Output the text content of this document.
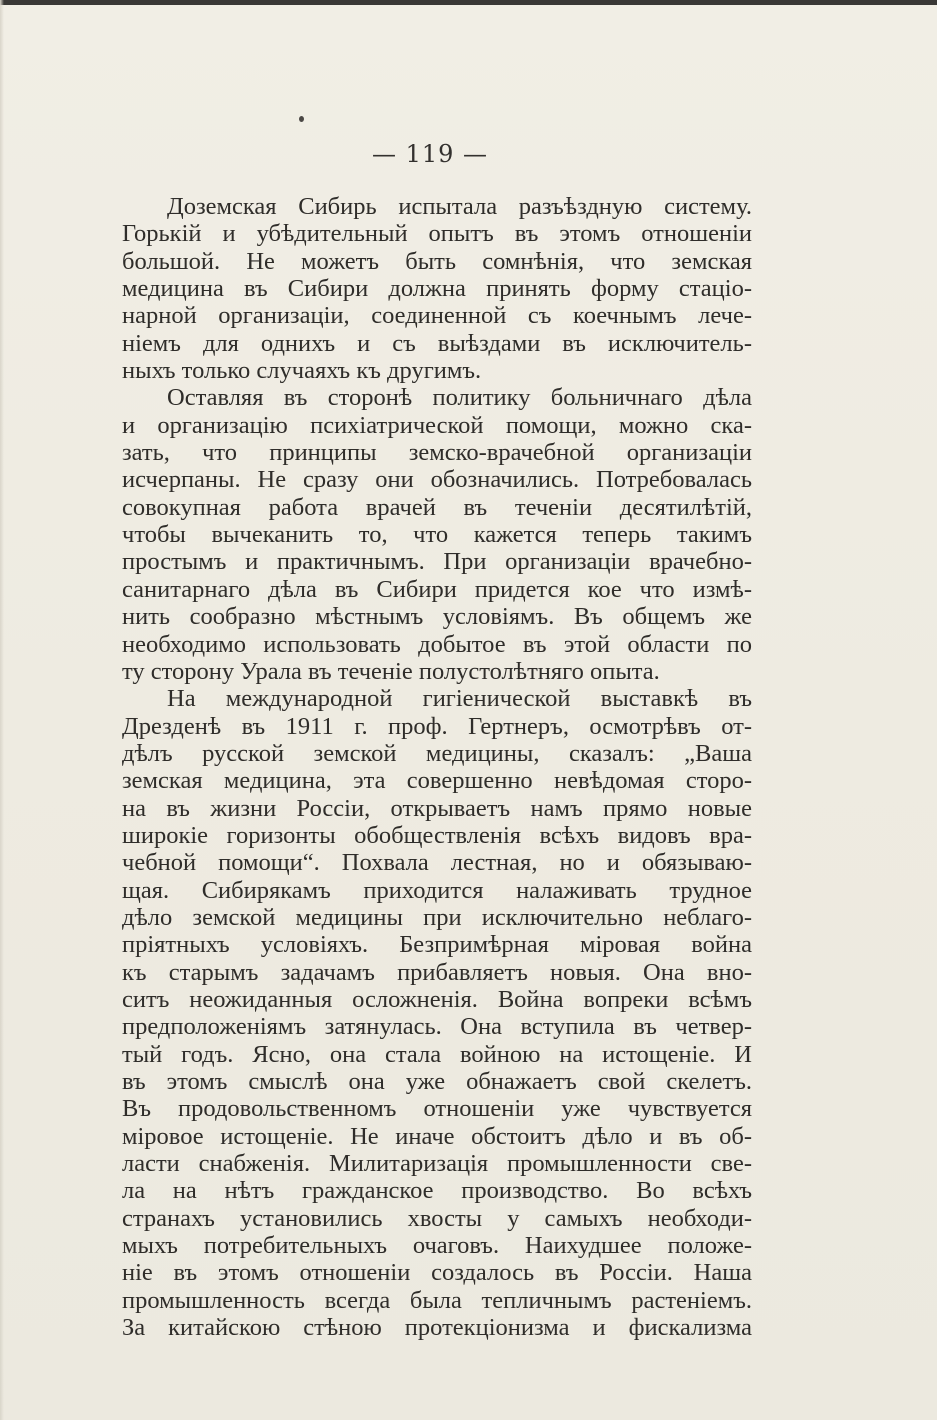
— 119 —
Доземская Сибирь испытала разъѣздную систему.
Горькій и убѣдительный опытъ въ этомъ отношеніи
большой. Не можетъ быть сомнѣнія, что земская
медицина въ Сибири должна принять форму стаціо-
нарной организаціи, соединенной съ коечнымъ лече-
ніемъ для однихъ и съ выѣздами въ исключитель-
ныхъ только случаяхъ къ другимъ.
Оставляя въ сторонѣ политику больничнаго дѣла
и организацію психіатрической помощи, можно ска-
зать, что принципы земско-врачебной организаціи
исчерпаны. Не сразу они обозначились. Потребовалась
совокупная работа врачей въ теченіи десятилѣтій,
чтобы вычеканить то, что кажется теперь такимъ
простымъ и практичнымъ. При организаціи врачебно-
санитарнаго дѣла въ Сибири придется кое что измѣ-
нить сообразно мѣстнымъ условіямъ. Въ общемъ же
необходимо использовать добытое въ этой области по
ту сторону Урала въ теченіе полустолѣтняго опыта.
На международной гигіенической выставкѣ въ
Дрезденѣ въ 1911 г. проф. Гертнеръ, осмотрѣвъ от-
дѣлъ русской земской медицины, сказалъ: „Ваша
земская медицина, эта совершенно невѣдомая сторо-
на въ жизни Россіи, открываетъ намъ прямо новые
широкіе горизонты обобществленія всѣхъ видовъ вра-
чебной помощи“. Похвала лестная, но и обязываю-
щая. Сибирякамъ приходится налаживать трудное
дѣло земской медицины при исключительно неблаго-
пріятныхъ условіяхъ. Безпримѣрная міровая война
къ старымъ задачамъ прибавляетъ новыя. Она вно-
ситъ неожиданныя осложненія. Война вопреки всѣмъ
предположеніямъ затянулась. Она вступила въ четвер-
тый годъ. Ясно, она стала войною на истощеніе. И
въ этомъ смыслѣ она уже обнажаетъ свой скелетъ.
Въ продовольственномъ отношеніи уже чувствуется
міровое истощеніе. Не иначе обстоитъ дѣло и въ об-
ласти снабженія. Милитаризація промышленности све-
ла на нѣтъ гражданское производство. Во всѣхъ
странахъ установились хвосты у самыхъ необходи-
мыхъ потребительныхъ очаговъ. Наихудшее положе-
ніе въ этомъ отношеніи создалось въ Россіи. Наша
промышленность всегда была тепличнымъ растеніемъ.
За китайскою стѣною протекціонизма и фискализма
